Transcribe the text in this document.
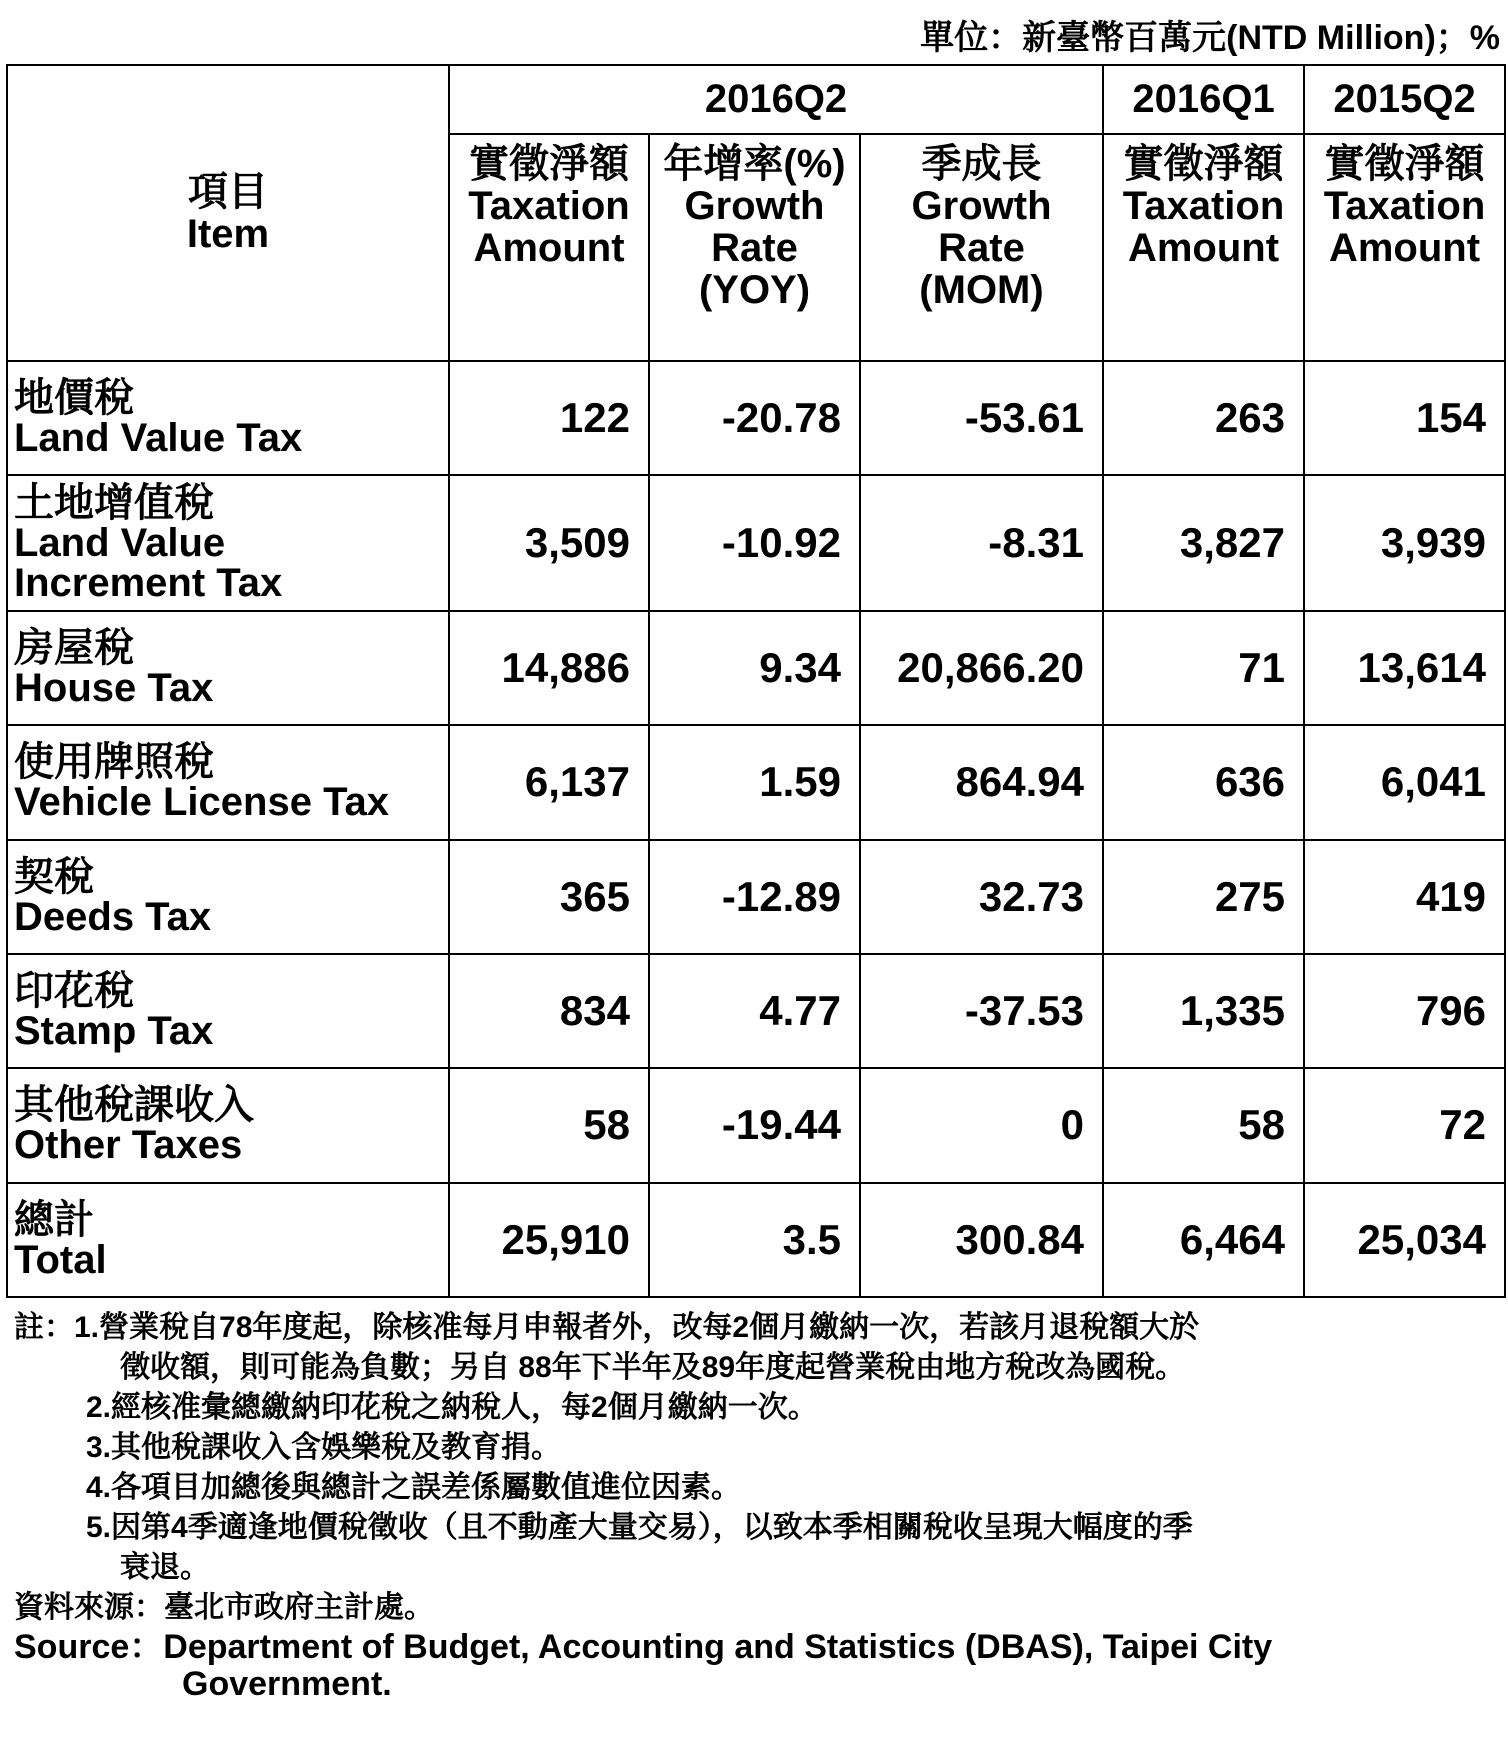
單位：新臺幣百萬元(NTD Million)；%
項目
Item	2016Q2			2016Q1	2015Q2

	實徵淨額
Taxation
Amount	年增率(%)
Growth
Rate
(YOY)	季成長
Growth
Rate
(MOM)	實徵淨額
Taxation
Amount	實徵淨額
Taxation
Amount

地價稅
Land Value Tax	122	-20.78	-53.61	263	154

土地增值稅
Land Value
Increment Tax	3,509	-10.92	-8.31	3,827	3,939

房屋稅
House Tax	14,886	9.34	20,866.20	71	13,614

使用牌照稅
Vehicle License Tax	6,137	1.59	864.94	636	6,041

契稅
Deeds Tax	365	-12.89	32.73	275	419

印花稅
Stamp Tax	834	4.77	-37.53	1,335	796

其他稅課收入
Other Taxes	58	-19.44	0	58	72

總計
Total	25,910	3.5	300.84	6,464	25,034
註：1.營業稅自78年度起，除核准每月申報者外，改每2個月繳納一次，若該月退稅額大於
徵收額，則可能為負數；另自 88年下半年及89年度起營業稅由地方稅改為國稅。
2.經核准彙總繳納印花稅之納稅人，每2個月繳納一次。
3.其他稅課收入含娛樂稅及教育捐。
4.各項目加總後與總計之誤差係屬數值進位因素。
5.因第4季適逢地價稅徵收（且不動產大量交易），以致本季相關稅收呈現大幅度的季
衰退。
資料來源：臺北市政府主計處。
Source：Department of Budget, Accounting and Statistics (DBAS), Taipei City
Government.
